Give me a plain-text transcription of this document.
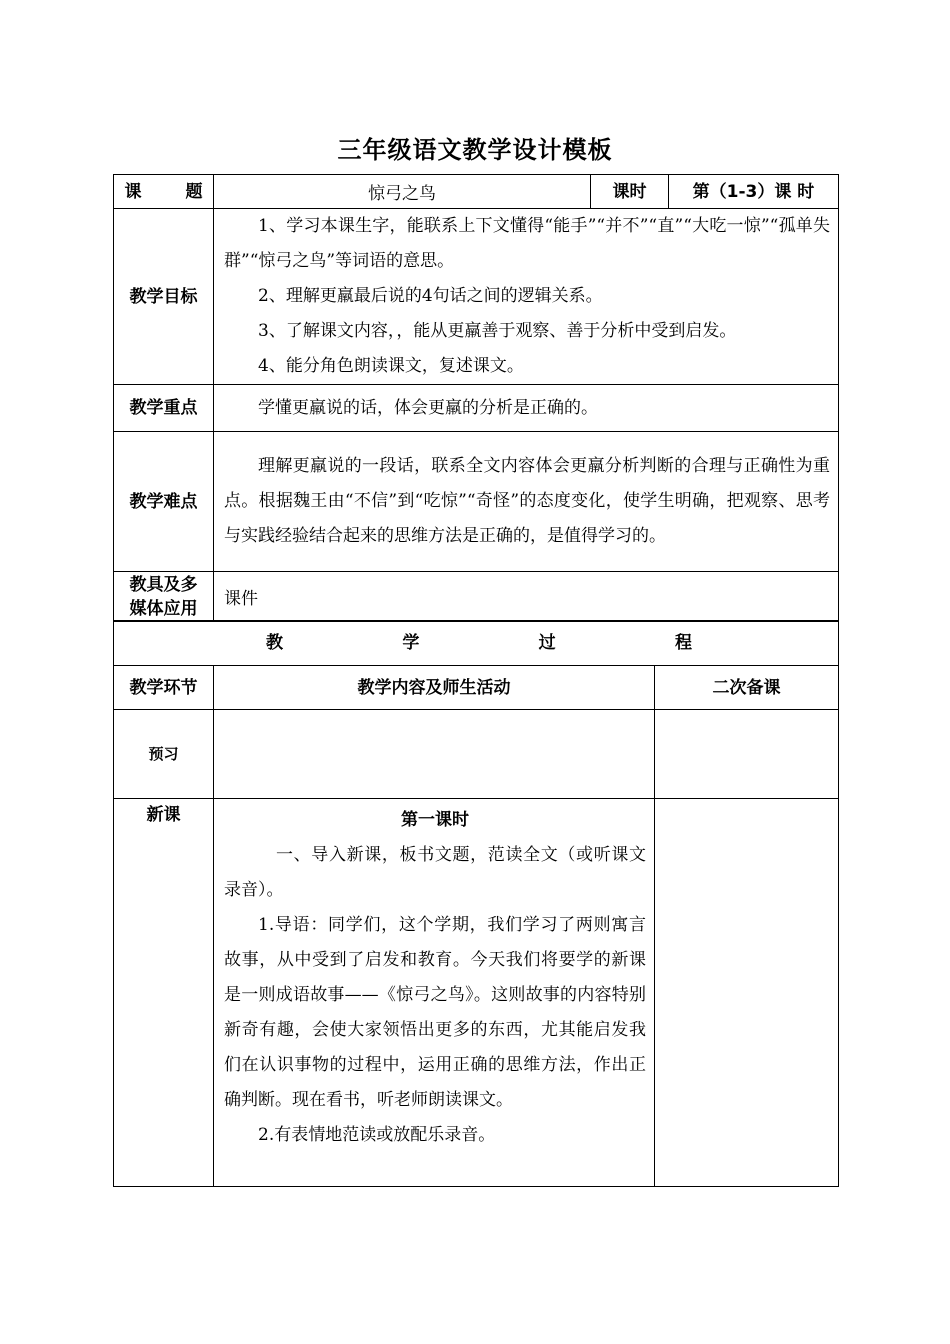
三年级语文教学设计模板
课 题	惊弓之鸟	课时	第（1-3）课 时
教学目标	1、学习本课生字，能联系上下文懂得“能手”“并不”“直”“大吃一惊”“孤单失群”“惊弓之鸟”等词语的意思。

2、理解更羸最后说的4句话之间的逻辑关系。

3、了解课文内容，，能从更羸善于观察、善于分析中受到启发。

4、能分角色朗读课文，复述课文。		

教学重点	学懂更羸说的话，体会更羸的分析是正确的。		

教学难点	理解更羸说的一段话，联系全文内容体会更羸分析判断的合理与正确性为重点。根据魏王由“不信”到“吃惊”“奇怪”的态度变化，使学生明确，把观察、思考与实践经验结合起来的思维方法是正确的，是值得学习的。		

教具及多
媒体应用	课件		
教 学 过 程		

教学环节	教学内容及师生活动	二次备课
预习		
新课	第一课时

一、导入新课，板书文题，范读全文（或听课文录音）。

1.导语：同学们，这个学期，我们学习了两则寓言故事，从中受到了启发和教育。今天我们将要学的新课是一则成语故事——《惊弓之鸟》。这则故事的内容特别新奇有趣，会使大家领悟出更多的东西，尤其能启发我们在认识事物的过程中，运用正确的思维方法，作出正确判断。现在看书，听老师朗读课文。

2.有表情地范读或放配乐录音。	
